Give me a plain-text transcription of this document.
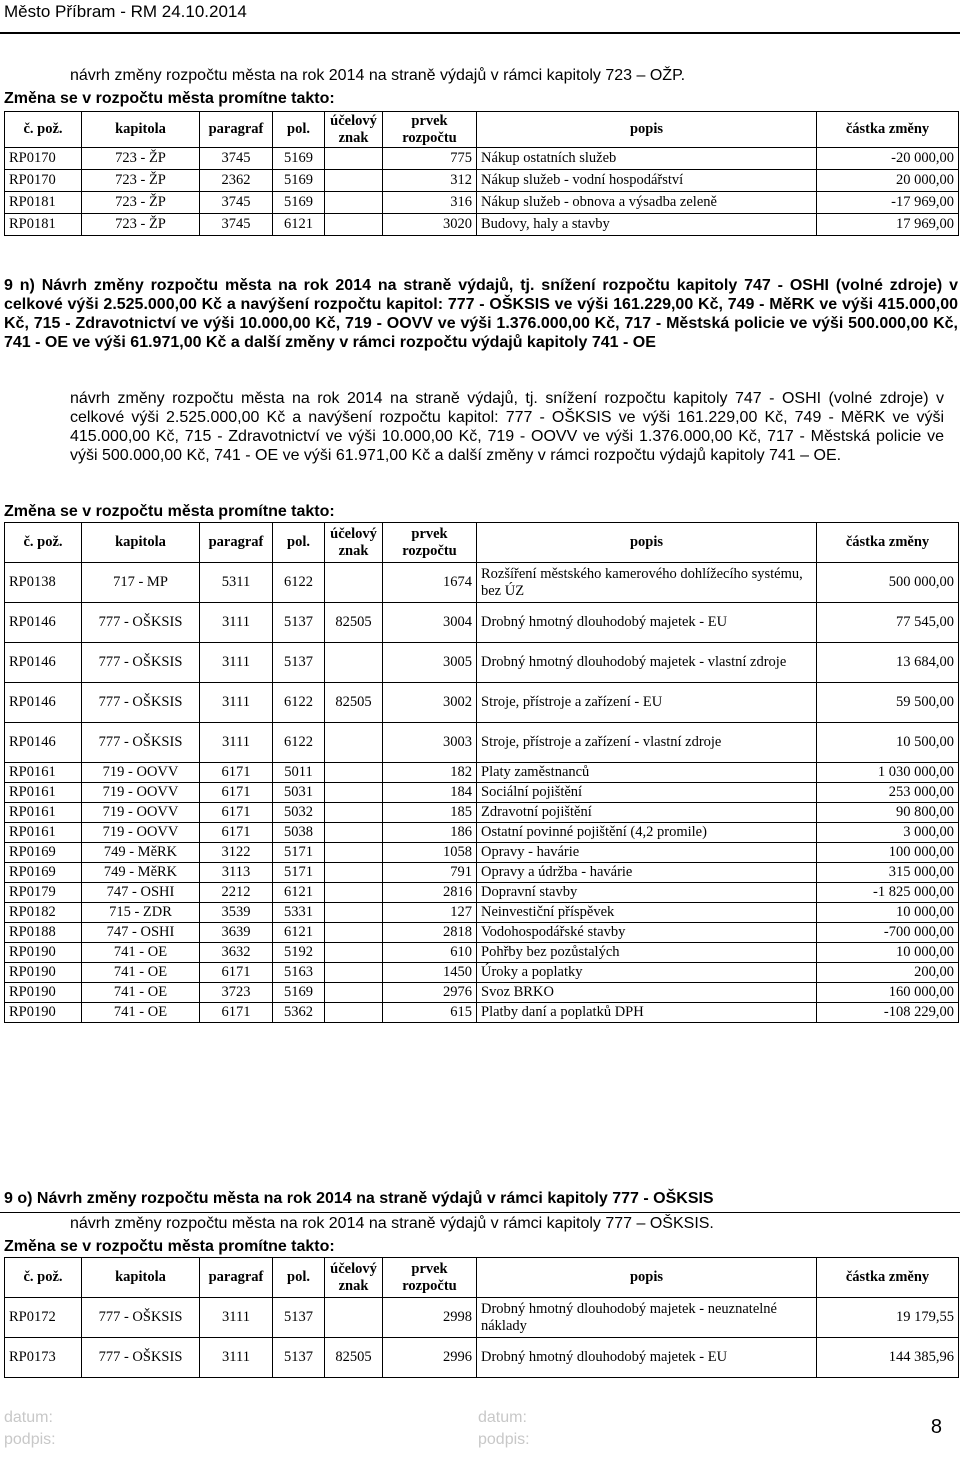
Město Příbram - RM 24.10.2014
návrh změny rozpočtu města na rok 2014 na straně výdajů v rámci kapitoly 723 – OŽP.
Změna se v rozpočtu města promítne takto:
č. pož.	kapitola	paragraf	pol.	účelový znak	prvek rozpočtu	popis	částka změny
RP0170	723 - ŽP	3745	5169		775	Nákup ostatních služeb	-20 000,00
RP0170	723 - ŽP	2362	5169		312	Nákup služeb - vodní hospodářství	20 000,00
RP0181	723 - ŽP	3745	5169		316	Nákup služeb - obnova a výsadba zeleně	-17 969,00
RP0181	723 - ŽP	3745	6121		3020	Budovy, haly a stavby	17 969,00
9 n) Návrh změny rozpočtu města na rok 2014 na straně výdajů, tj. snížení rozpočtu kapitoly 747 - OSHI (volné zdroje) v celkové výši 2.525.000,00 Kč a navýšení rozpočtu kapitol: 777 - OŠKSIS ve výši 161.229,00 Kč, 749 - MěRK ve výši 415.000,00 Kč, 715 - Zdravotnictví ve výši 10.000,00 Kč, 719 - OOVV ve výši 1.376.000,00 Kč, 717 - Městská policie ve výši 500.000,00 Kč, 741 - OE ve výši 61.971,00 Kč a další změny v rámci rozpočtu výdajů kapitoly 741 - OE
návrh změny rozpočtu města na rok 2014 na straně výdajů, tj. snížení rozpočtu kapitoly 747 - OSHI (volné zdroje) v celkové výši 2.525.000,00 Kč a navýšení rozpočtu kapitol: 777 - OŠKSIS ve výši 161.229,00 Kč, 749 - MěRK ve výši 415.000,00 Kč, 715 - Zdravotnictví ve výši 10.000,00 Kč, 719 - OOVV ve výši 1.376.000,00 Kč, 717 - Městská policie ve výši 500.000,00 Kč, 741 - OE ve výši 61.971,00 Kč a další změny v rámci rozpočtu výdajů kapitoly 741 – OE.
Změna se v rozpočtu města promítne takto:
č. pož.	kapitola	paragraf	pol.	účelový znak	prvek rozpočtu	popis	částka změny
RP0138	717 - MP	5311	6122		1674	Rozšíření městského kamerového dohlížecího systému, bez ÚZ	500 000,00
RP0146	777 - OŠKSIS	3111	5137	82505	3004	Drobný hmotný dlouhodobý majetek - EU	77 545,00
RP0146	777 - OŠKSIS	3111	5137		3005	Drobný hmotný dlouhodobý majetek - vlastní zdroje	13 684,00
RP0146	777 - OŠKSIS	3111	6122	82505	3002	Stroje, přístroje a zařízení - EU	59 500,00
RP0146	777 - OŠKSIS	3111	6122		3003	Stroje, přístroje a zařízení - vlastní zdroje	10 500,00
RP0161	719 - OOVV	6171	5011		182	Platy zaměstnanců	1 030 000,00
RP0161	719 - OOVV	6171	5031		184	Sociální pojištění	253 000,00
RP0161	719 - OOVV	6171	5032		185	Zdravotní pojištění	90 800,00
RP0161	719 - OOVV	6171	5038		186	Ostatní povinné pojištění (4,2 promile)	3 000,00
RP0169	749 - MěRK	3122	5171		1058	Opravy - havárie	100 000,00
RP0169	749 - MěRK	3113	5171		791	Opravy a údržba - havárie	315 000,00
RP0179	747 - OSHI	2212	6121		2816	Dopravní stavby	-1 825 000,00
RP0182	715 - ZDR	3539	5331		127	Neinvestiční příspěvek	10 000,00
RP0188	747 - OSHI	3639	6121		2818	Vodohospodářské stavby	-700 000,00
RP0190	741 - OE	3632	5192		610	Pohřby bez pozůstalých	10 000,00
RP0190	741 - OE	6171	5163		1450	Úroky a poplatky	200,00
RP0190	741 - OE	3723	5169		2976	Svoz BRKO	160 000,00
RP0190	741 - OE	6171	5362		615	Platby daní a poplatků DPH	-108 229,00
9 o) Návrh změny rozpočtu města na rok 2014 na straně výdajů v rámci kapitoly 777 - OŠKSIS
návrh změny rozpočtu města na rok 2014 na straně výdajů v rámci kapitoly 777 – OŠKSIS.
Změna se v rozpočtu města promítne takto:
č. pož.	kapitola	paragraf	pol.	účelový znak	prvek rozpočtu	popis	částka změny
RP0172	777 - OŠKSIS	3111	5137		2998	Drobný hmotný dlouhodobý majetek - neuznatelné náklady	19 179,55
RP0173	777 - OŠKSIS	3111	5137	82505	2996	Drobný hmotný dlouhodobý majetek - EU	144 385,96
datum:
podpis:
datum:
podpis:
8
